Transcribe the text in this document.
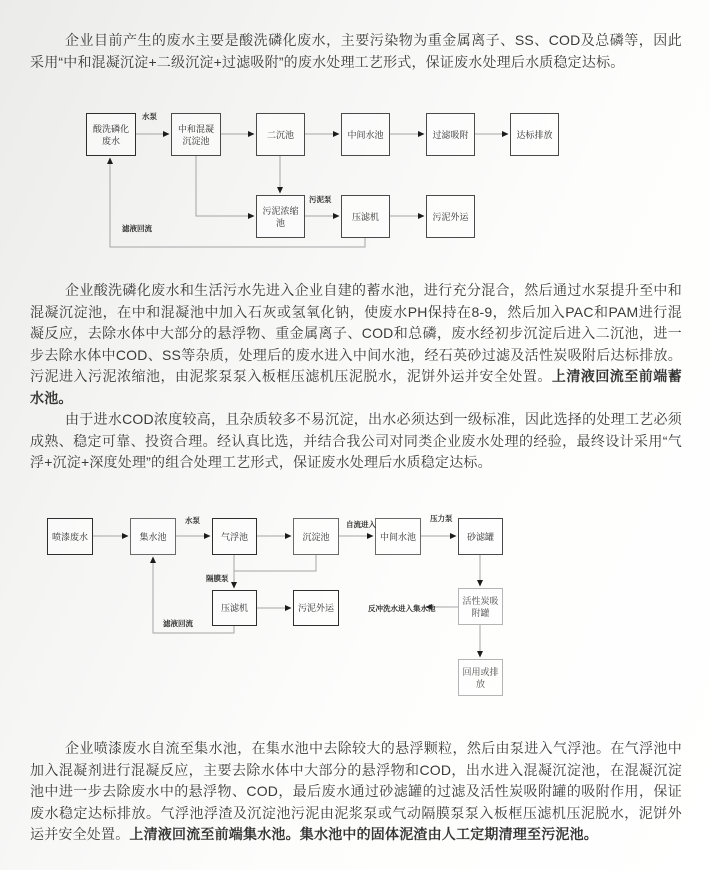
企业目前产生的废水主要是酸洗磷化废水，主要污染物为重金属离子、SS、COD及总磷等，因此采用“中和混凝沉淀+二级沉淀+过滤吸附”的废水处理工艺形式，保证废水处理后水质稳定达标。

酸洗磷化废水
中和混凝沉淀池
二沉池	中间水池	过滤吸附	达标排放
污泥浓缩池
压滤机	污泥外运
水泵
污泥泵
滤液回流

企业酸洗磷化废水和生活污水先进入企业自建的蓄水池，进行充分混合，然后通过水泵提升至中和混凝沉淀池，在中和混凝池中加入石灰或氢氧化钠，使废水PH保持在8-9，然后加入PAC和PAM进行混凝反应，去除水体中大部分的悬浮物、重金属离子、COD和总磷，废水经初步沉淀后进入二沉池，进一步去除水体中COD、SS等杂质，处理后的废水进入中间水池，经石英砂过滤及活性炭吸附后达标排放。污泥进入污泥浓缩池，由泥浆泵泵入板框压滤机压泥脱水，泥饼外运并安全处置。上清液回流至前端蓄水池。

由于进水COD浓度较高，且杂质较多不易沉淀，出水必须达到一级标准，因此选择的处理工艺必须成熟、稳定可靠、投资合理。经认真比选，并结合我公司对同类企业废水处理的经验，最终设计采用“气浮+沉淀+深度处理”的组合处理工艺形式，保证废水处理后水质稳定达标。

喷漆废水	集水池	气浮池	沉淀池	中间水池	砂滤罐
压滤机	污泥外运
活性炭吸附罐
回用或排放
水泵	自流进入
压力泵
隔膜泵
滤液回流
反冲洗水进入集水池

企业喷漆废水自流至集水池，在集水池中去除较大的悬浮颗粒，然后由泵进入气浮池。在气浮池中加入混凝剂进行混凝反应，主要去除水体中大部分的悬浮物和COD，出水进入混凝沉淀池，在混凝沉淀池中进一步去除废水中的悬浮物、COD，最后废水通过砂滤罐的过滤及活性炭吸附罐的吸附作用，保证废水稳定达标排放。气浮池浮渣及沉淀池污泥由泥浆泵或气动隔膜泵泵入板框压滤机压泥脱水，泥饼外运并安全处置。上清液回流至前端集水池。集水池中的固体泥渣由人工定期清理至污泥池。
